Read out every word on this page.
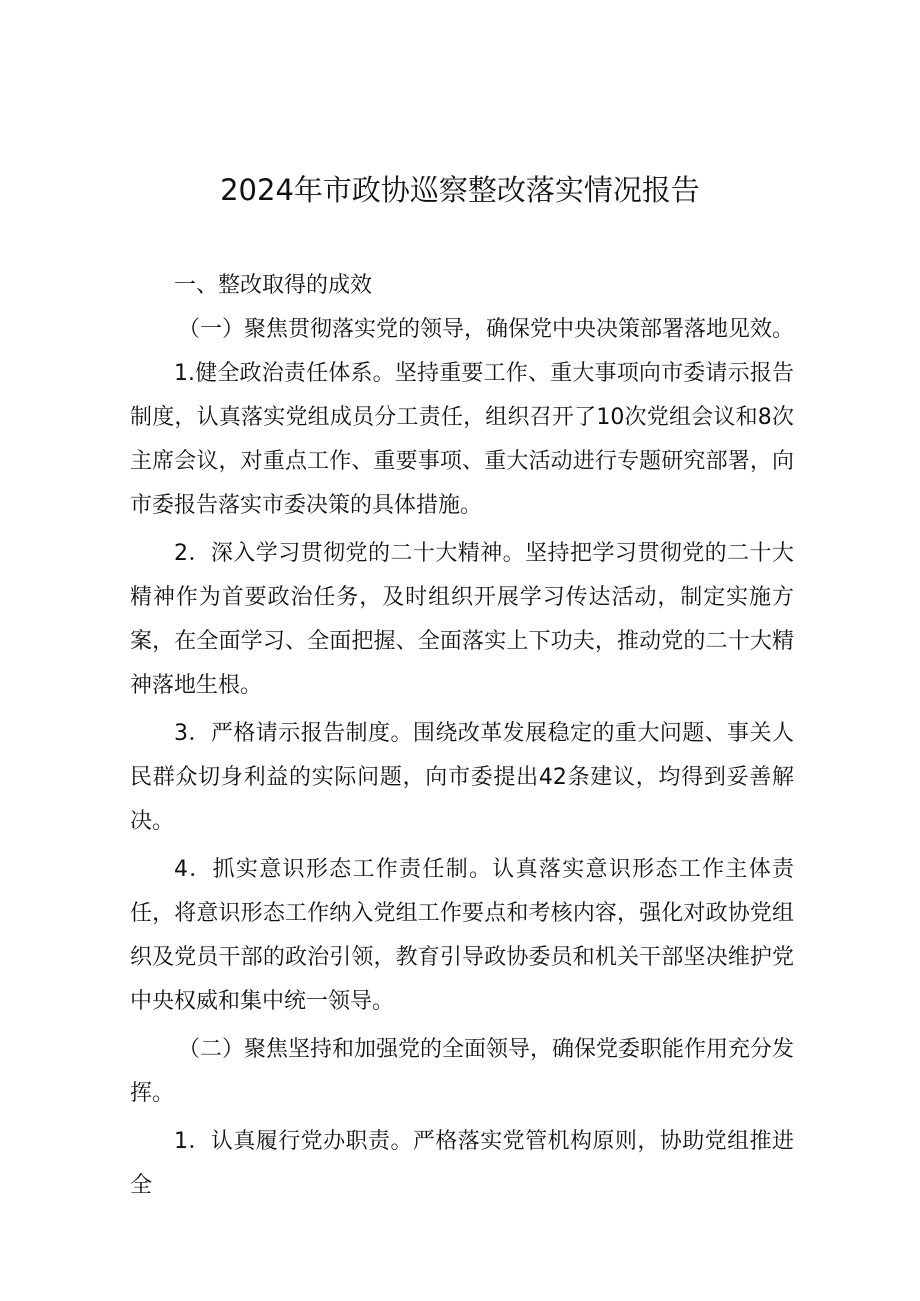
2024年市政协巡察整改落实情况报告

一、整改取得的成效

（一）聚焦贯彻落实党的领导，确保党中央决策部署落地见效。

1.健全政治责任体系。坚持重要工作、重大事项向市委请示报告制度，认真落实党组成员分工责任，组织召开了10次党组会议和8次主席会议，对重点工作、重要事项、重大活动进行专题研究部署，向市委报告落实市委决策的具体措施。

2．深入学习贯彻党的二十大精神。坚持把学习贯彻党的二十大精神作为首要政治任务，及时组织开展学习传达活动，制定实施方案，在全面学习、全面把握、全面落实上下功夫，推动党的二十大精神落地生根。

3．严格请示报告制度。围绕改革发展稳定的重大问题、事关人民群众切身利益的实际问题，向市委提出42条建议，均得到妥善解决。

4．抓实意识形态工作责任制。认真落实意识形态工作主体责任，将意识形态工作纳入党组工作要点和考核内容，强化对政协党组织及党员干部的政治引领，教育引导政协委员和机关干部坚决维护党中央权威和集中统一领导。

（二）聚焦坚持和加强党的全面领导，确保党委职能作用充分发挥。

1．认真履行党办职责。严格落实党管机构原则，协助党组推进全
